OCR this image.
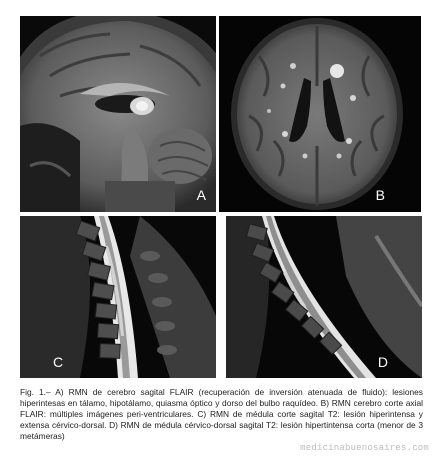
A	B
C	D

Fig. 1.– A) RMN de cerebro sagital FLAIR (recuperación de inversión atenuada de fluido): lesiones hiperintesas en tálamo, hipotálamo, quiasma óptico y dorso del bulbo raquídeo. B) RMN cerebro corte axial FLAIR: múltiples imágenes peri-ventriculares. C) RMN de médula corte sagital T2: lesión hiperintensa y extensa cérvico-dorsal. D) RMN de médula cérvico-dorsal sagital T2: lesión hipertintensa corta (menor de 3 metámeras)

medicinabuenosaires.com
